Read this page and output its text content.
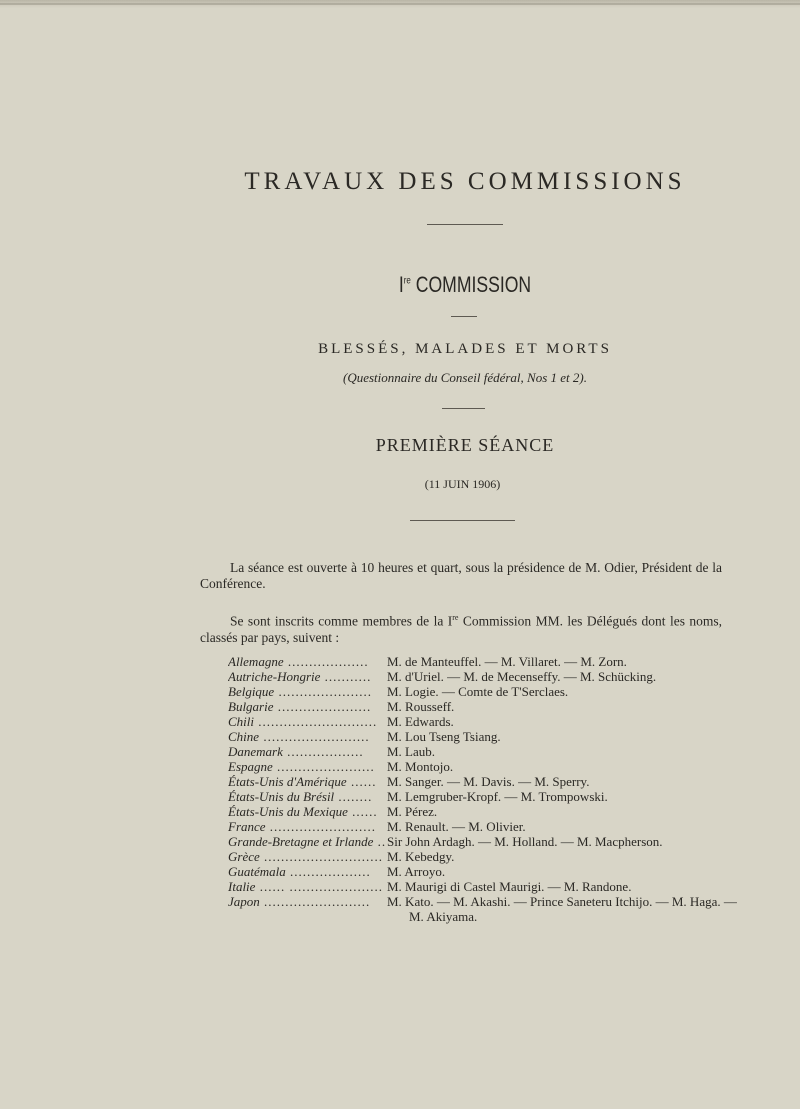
TRAVAUX DES COMMISSIONS
Ire COMMISSION

BLESSÉS, MALADES ET MORTS

(Questionnaire du Conseil fédéral, Nos 1 et 2).

PREMIÈRE SÉANCE

(11 JUIN 1906)

La séance est ouverte à 10 heures et quart, sous la présidence de M. Odier, Président de la Conférence.

Se sont inscrits comme membres de la Ire Commission MM. les Délégués dont les noms, classés par pays, suivent :

Allemagne ...................	M. de Manteuffel. — M. Villaret. — M. Zorn.
Autriche-Hongrie ...........	M. d'Uriel. — M. de Mecenseffy. — M. Schücking.
Belgique ......................	M. Logie. — Comte de T'Serclaes.
Bulgarie ......................	M. Rousseff.
Chili ............................ M. Edwards.
Chine .........................	M. Lou Tseng Tsiang.
Danemark ..................	M. Laub.
Espagne ....................... M. Montojo.
États-Unis d'Amérique ...... M. Sanger. — M. Davis. — M. Sperry.
États-Unis du Brésil ........	M. Lemgruber-Kropf. — M. Trompowski.
États-Unis du Mexique ...... M. Pérez.
France ......................... M. Renault. — M. Olivier.
Grande-Bretagne et Irlande .. Sir John Ardagh. — M. Holland. — M. Macpherson.
Grèce ............................ M. Kebedgy.
Guatémala ...................	M. Arroyo.
Italie ...... ...................... M. Maurigi di Castel Maurigi. — M. Randone.
Japon .........................	M. Kato. — M. Akashi. — Prince Saneteru Itchijo. — M. Haga. —
M. Akiyama.
